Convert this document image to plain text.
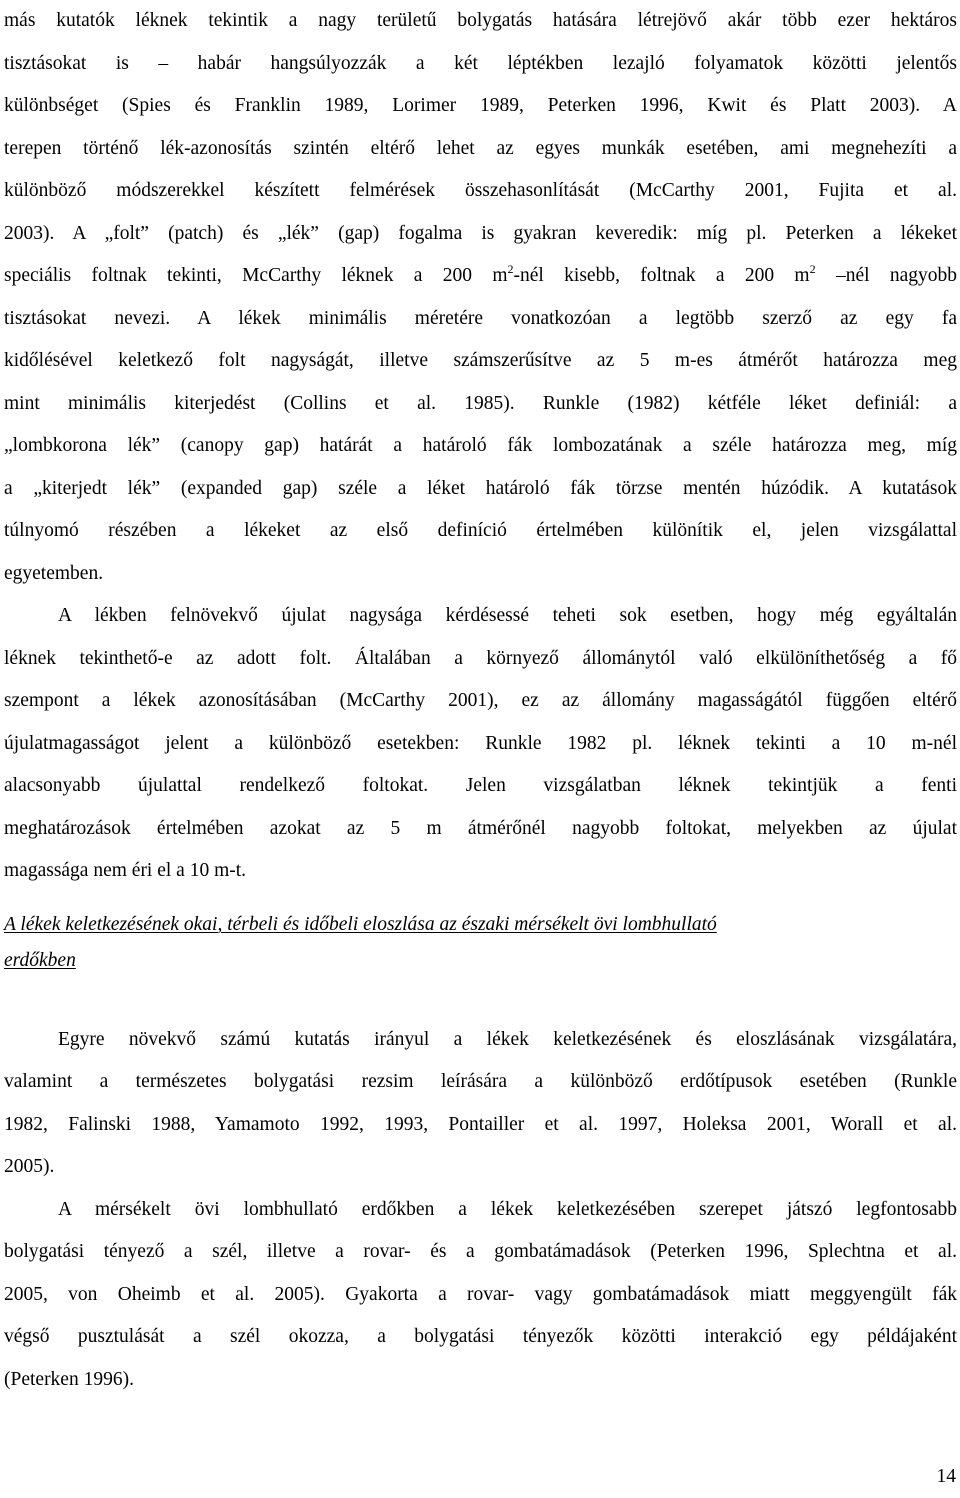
más kutatók léknek tekintik a nagy területű bolygatás hatására létrejövő akár több ezer hektáros
tisztásokat is – habár hangsúlyozzák a két léptékben lezajló folyamatok közötti jelentős
különbséget (Spies és Franklin 1989, Lorimer 1989, Peterken 1996, Kwit és Platt 2003). A
terepen történő lék-azonosítás szintén eltérő lehet az egyes munkák esetében, ami megnehezíti a
különböző módszerekkel készített felmérések összehasonlítását (McCarthy 2001, Fujita et al.
2003). A „folt” (patch) és „lék” (gap) fogalma is gyakran keveredik: míg pl. Peterken a lékeket
speciális foltnak tekinti, McCarthy léknek a 200 $m^2$-nél kisebb, foltnak a 200 $m^2$ –nél nagyobb
tisztásokat nevezi. A lékek minimális méretére vonatkozóan a legtöbb szerző az egy fa
kidőlésével keletkező folt nagyságát, illetve számszerűsítve az 5 m-es átmérőt határozza meg
mint minimális kiterjedést (Collins et al. 1985). Runkle (1982) kétféle léket definiál: a
„lombkorona lék” (canopy gap) határát a határoló fák lombozatának a széle határozza meg, míg
a „kiterjedt lék” (expanded gap) széle a léket határoló fák törzse mentén húzódik. A kutatások
túlnyomó részében a lékeket az első definíció értelmében különítik el, jelen vizsgálattal
egyetemben.
A lékben felnövekvő újulat nagysága kérdésessé teheti sok esetben, hogy még egyáltalán
léknek tekinthető-e az adott folt. Általában a környező állománytól való elkülöníthetőség a fő
szempont a lékek azonosításában (McCarthy 2001), ez az állomány magasságától függően eltérő
újulatmagasságot jelent a különböző esetekben: Runkle 1982 pl. léknek tekinti a 10 m-nél
alacsonyabb újulattal rendelkező foltokat. Jelen vizsgálatban léknek tekintjük a fenti
meghatározások értelmében azokat az 5 m átmérőnél nagyobb foltokat, melyekben az újulat
magassága nem éri el a 10 m-t.
A lékek keletkezésének okai, térbeli és időbeli eloszlása az északi mérsékelt övi lombhullató
erdőkben
Egyre növekvő számú kutatás irányul a lékek keletkezésének és eloszlásának vizsgálatára,
valamint a természetes bolygatási rezsim leírására a különböző erdőtípusok esetében (Runkle
1982, Falinski 1988, Yamamoto 1992, 1993, Pontailler et al. 1997, Holeksa 2001, Worall et al.
2005).
A mérsékelt övi lombhullató erdőkben a lékek keletkezésében szerepet játszó legfontosabb
bolygatási tényező a szél, illetve a rovar- és a gombatámadások (Peterken 1996, Splechtna et al.
2005, von Oheimb et al. 2005). Gyakorta a rovar- vagy gombatámadások miatt meggyengült fák
végső pusztulását a szél okozza, a bolygatási tényezők közötti interakció egy példájaként
(Peterken 1996).
14
